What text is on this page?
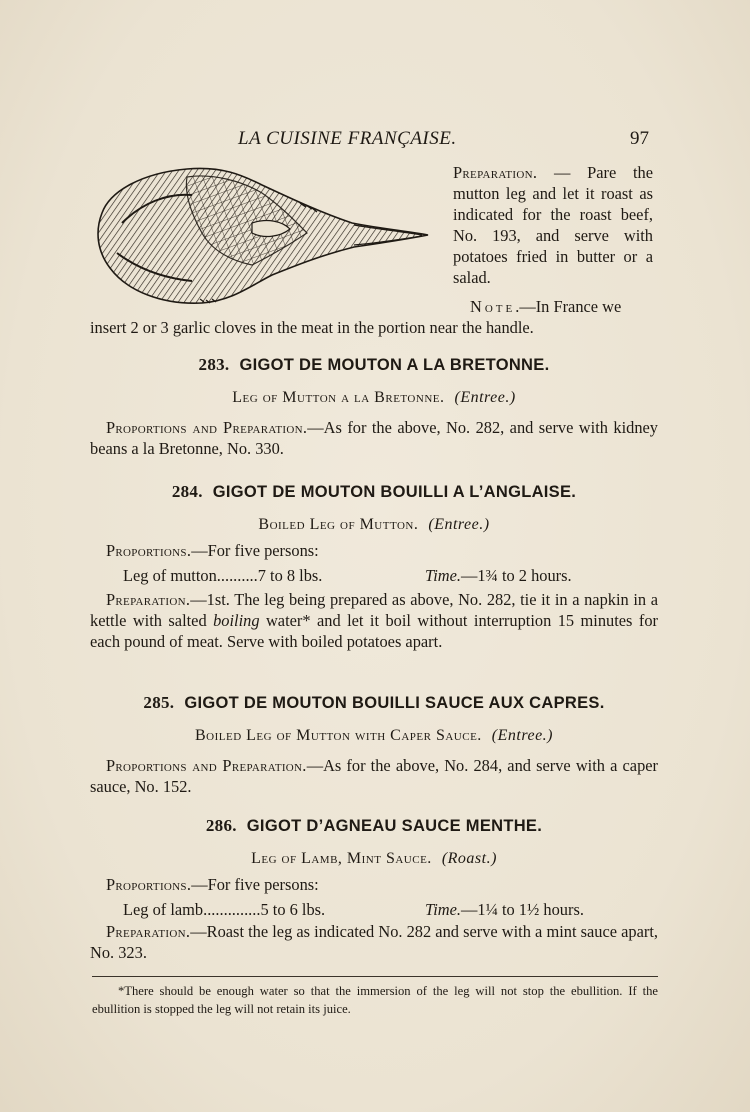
LA CUISINE FRANÇAISE.	97
Preparation. — Pare the mutton leg and let it roast as indicated for the roast beef, No. 193, and serve with potatoes fried in butter or a salad.
Note.—In France we
insert 2 or 3 garlic cloves in the meat in the portion near the handle.
283. GIGOT DE MOUTON A LA BRETONNE.
Leg of Mutton a la Bretonne. (Entree.)
Proportions and Preparation.—As for the above, No. 282, and serve with kidney beans a la Bretonne, No. 330.
284. GIGOT DE MOUTON BOUILLI A L’ANGLAISE.
Boiled Leg of Mutton. (Entree.)
Proportions.—For five persons:
Leg of mutton..........7 to 8 lbs.	Time.—1¾ to 2 hours.
Preparation.—1st. The leg being prepared as above, No. 282, tie it in a napkin in a kettle with salted boiling water* and let it boil without interruption 15 minutes for each pound of meat. Serve with boiled potatoes apart.
285. GIGOT DE MOUTON BOUILLI SAUCE AUX CAPRES.
Boiled Leg of Mutton with Caper Sauce. (Entree.)
Proportions and Preparation.—As for the above, No. 284, and serve with a caper sauce, No. 152.
286. GIGOT D’AGNEAU SAUCE MENTHE.
Leg of Lamb, Mint Sauce. (Roast.)
Proportions.—For five persons:
Leg of lamb..............5 to 6 lbs.	Time.—1¼ to 1½ hours.
Preparation.—Roast the leg as indicated No. 282 and serve with a mint sauce apart, No. 323.
*There should be enough water so that the immersion of the leg will not stop the ebullition. If the ebullition is stopped the leg will not retain its juice.
